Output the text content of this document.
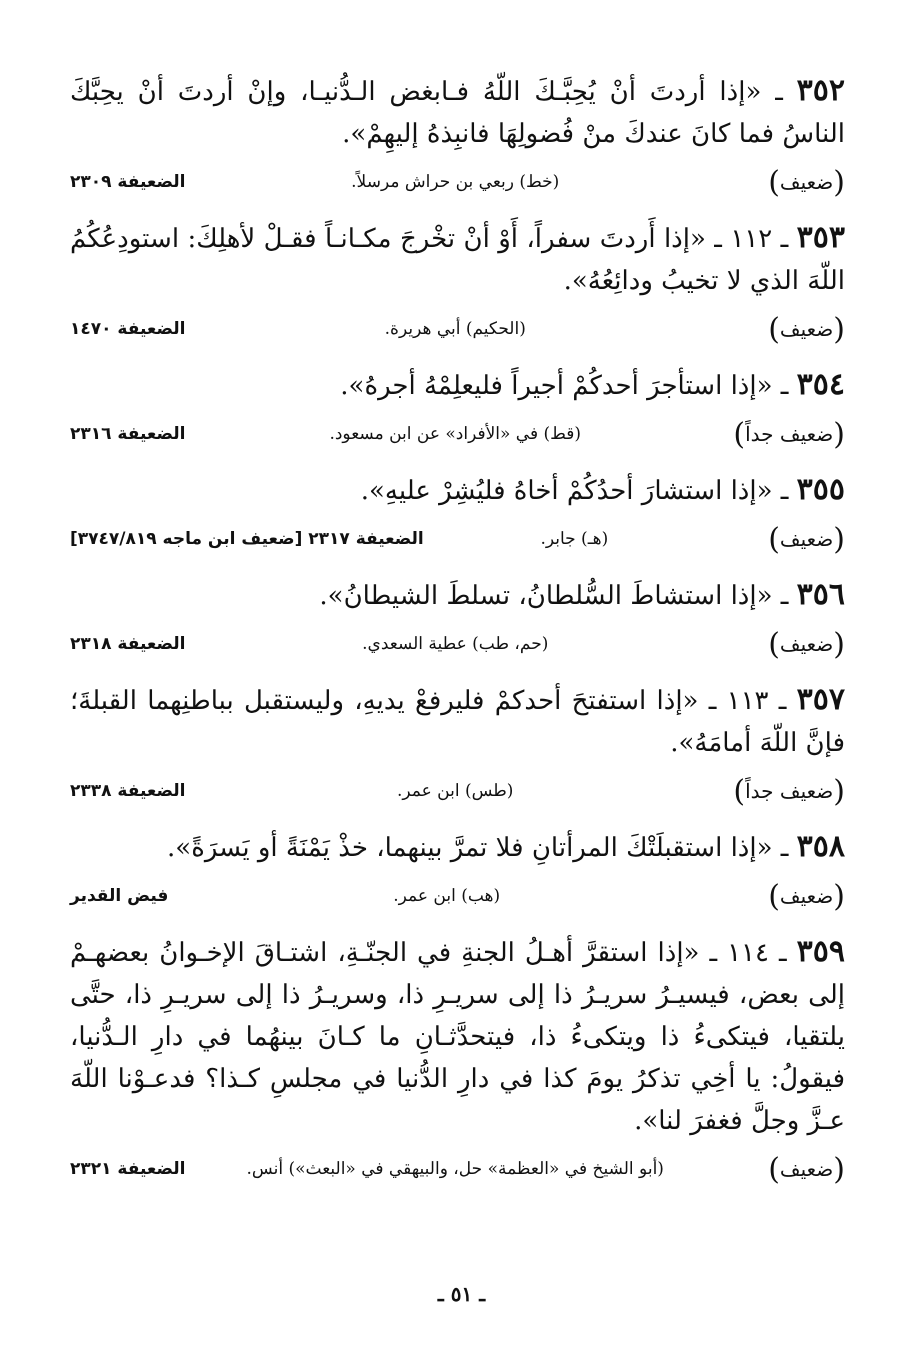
٣٥٢ ـ «إذا أردتَ أنْ يُحِبَّـكَ اللّهُ فـابغض الـدُّنيـا، وإنْ أردتَ أنْ يحِبَّكَ الناسُ فما كانَ عندكَ منْ فُضولِهَا فانبِذهُ إليهِمْ».

( ضعيف )
(خط) ربعي بن حراش مرسلاً.
الضعيفة ٢٣٠٩

٣٥٣ ـ ١١٢ ـ «إذا أَردتَ سفراً، أَوْ أنْ تخْرجَ مكـانـاً فقـلْ لأهلِكَ: استودِعُكُمُ اللّهَ الذي لا تخيبُ ودائِعُهُ».

( ضعيف )
(الحكيم) أبي هريرة.
الضعيفة ١٤٧٠

٣٥٤ ـ «إذا استأجرَ أحدكُمْ أجيراً فليعلِمْهُ أجرهُ».

( ضعيف جداً )
(قط) في «الأفراد» عن ابن مسعود.
الضعيفة ٢٣١٦

٣٥٥ ـ «إذا استشارَ أحدُكُمْ أخاهُ فليُشِرْ عليهِ».

( ضعيف )
(هـ) جابر.
الضعيفة ٢٣١٧ [ضعيف ابن ماجه ٣٧٤٧/٨١٩]

٣٥٦ ـ «إذا استشاطَ السُّلطانُ، تسلطَ الشيطانُ».

( ضعيف )
(حم، طب) عطية السعدي.
الضعيفة ٢٣١٨

٣٥٧ ـ ١١٣ ـ «إذا استفتحَ أحدكمْ فليرفعْ يديهِ، وليستقبل بباطنِهما القبلةَ؛ فإنَّ اللّهَ أمامَهُ».

( ضعيف جداً )
(طس) ابن عمر.
الضعيفة ٢٣٣٨

٣٥٨ ـ «إذا استقبلَتْكَ المرأتانِ فلا تمرَّ بينهما، خذْ يَمْنَةً أو يَسرَةً».

( ضعيف )
(هب) ابن عمر.
فيض القدير

٣٥٩ ـ ١١٤ ـ «إذا استقرَّ أهـلُ الجنةِ في الجنّـةِ، اشتـاقَ الإخـوانُ بعضهـمْ إلى بعض، فيسيـرُ سريـرُ ذا إلى سريـرِ ذا، وسريـرُ ذا إلى سريـرِ ذا، حتَّى يلتقيا، فيتكىءُ ذا ويتكىءُ ذا، فيتحدَّثـانِ ما كـانَ بينهُما في دارِ الـدُّنيا، فيقولُ: يا أخِي تذكرُ يومَ كذا في دارِ الدُّنيا في مجلسِ كـذا؟ فدعـوْنا اللّهَ عـزَّ وجلَّ فغفرَ لنا».

( ضعيف )
(أبو الشيخ في «العظمة» حل، والبيهقي في «البعث») أنس.
الضعيفة ٢٣٢١
ـ ٥١ ـ
